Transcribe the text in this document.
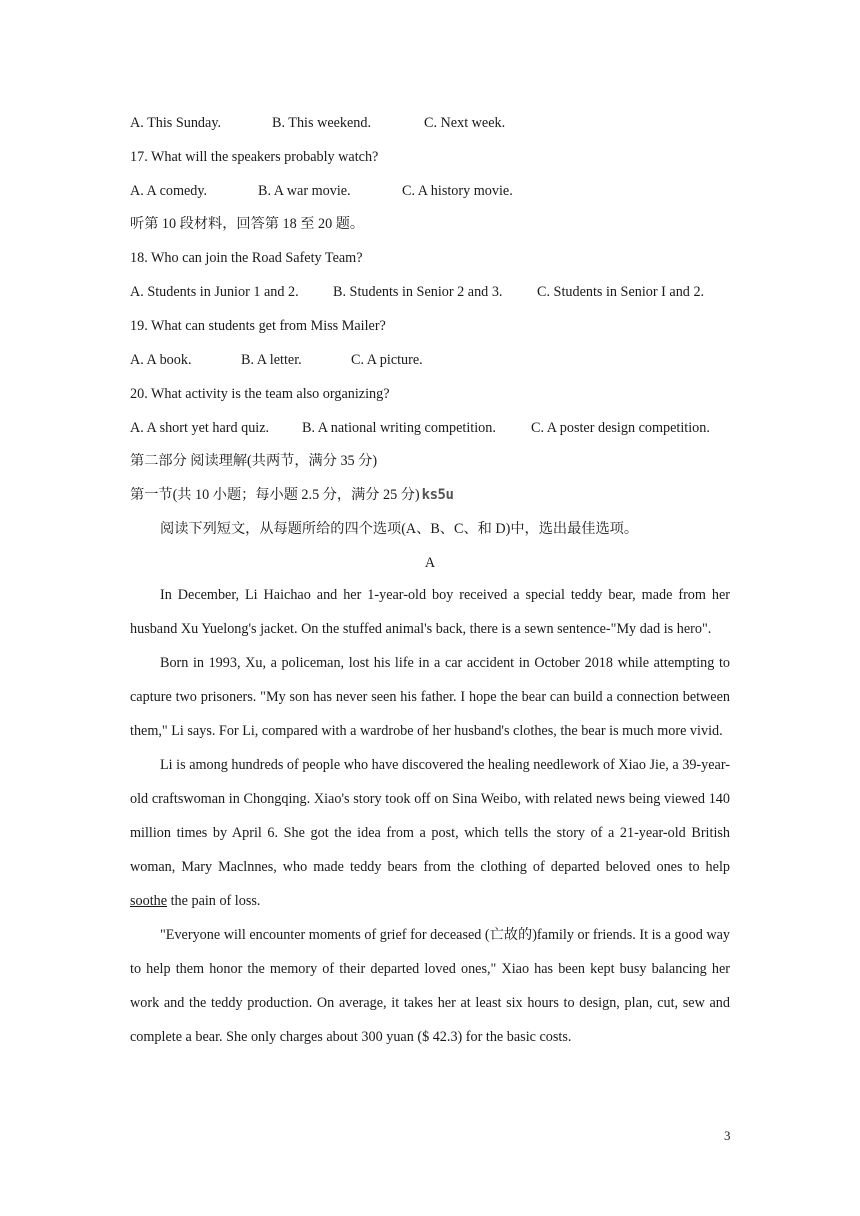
A. This Sunday.	B. This weekend.	C. Next week.
17. What will the speakers probably watch?
A. A comedy.	B. A war movie.	C. A history movie.
听第 10 段材料，回答第 18 至 20 题。
18. Who can join the Road Safety Team?
A. Students in Junior 1 and 2. B. Students in Senior 2 and 3. C. Students in Senior I and 2.
19. What can students get from Miss Mailer?
A. A book.	B. A letter.	C. A picture.
20. What activity is the team also organizing?
A. A short yet hard quiz. B. A national writing competition. C. A poster design competition.
第二部分 阅读理解(共两节，满分 35 分)
第一节(共 10 小题；每小题 2.5 分，满分 25 分) ks5u
阅读下列短文，从每题所给的四个选项(A、B、C、和 D)中，选出最佳选项。
A

In December, Li Haichao and her 1-year-old boy received a special teddy bear, made from her husband Xu Yuelong's jacket. On the stuffed animal's back, there is a sewn sentence-"My dad is hero".

Born in 1993, Xu, a policeman, lost his life in a car accident in October 2018 while attempting to capture two prisoners. "My son has never seen his father. I hope the bear can build a connection between them," Li says. For Li, compared with a wardrobe of her husband's clothes, the bear is much more vivid.

Li is among hundreds of people who have discovered the healing needlework of Xiao Jie, a 39-year-old craftswoman in Chongqing. Xiao's story took off on Sina Weibo, with related news being viewed 140 million times by April 6. She got the idea from a post, which tells the story of a 21-year-old British woman, Mary Maclnnes, who made teddy bears from the clothing of departed beloved ones to help soothe the pain of loss.

"Everyone will encounter moments of grief for deceased (亡故的)family or friends. It is a good way to help them honor the memory of their departed loved ones," Xiao has been kept busy balancing her work and the teddy production. On average, it takes her at least six hours to design, plan, cut, sew and complete a bear. She only charges about 300 yuan ($ 42.3) for the basic costs.

3
